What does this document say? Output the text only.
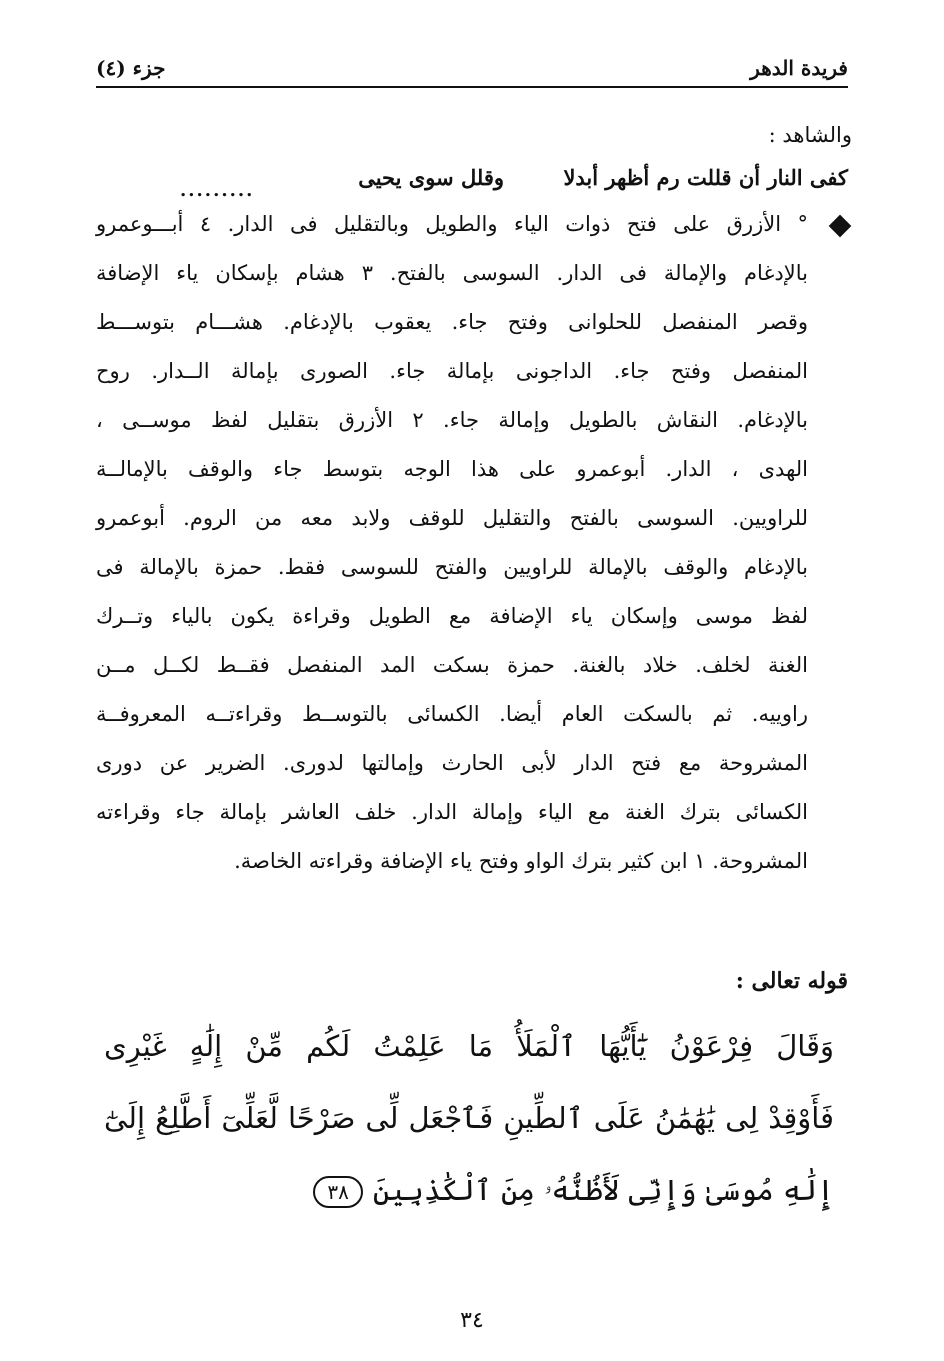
فريدة الدهر
جزء (٤)
والشاهد :
كفى النار أن قللت رم أظهر أبدلا
وقلل سوى يحيى
.........
° الأزرق على فتح ذوات الياء والطويل وبالتقليل فى الدار. ٤ أبـــوعمرو
بالإدغام والإمالة فى الدار. السوسى بالفتح. ٣ هشام بإسكان ياء الإضافة
وقصر المنفصل للحلوانى وفتح جاء. يعقوب بالإدغام. هشـــام بتوســـط
المنفصل وفتح جاء. الداجونى بإمالة جاء. الصورى بإمالة الــدار. روح
بالإدغام. النقاش بالطويل وإمالة جاء. ٢ الأزرق بتقليل لفظ موســى ،
الهدى ، الدار. أبوعمرو على هذا الوجه بتوسط جاء والوقف بالإمالــة
للراويين. السوسى بالفتح والتقليل للوقف ولابد معه من الروم. أبوعمرو
بالإدغام والوقف بالإمالة للراويين والفتح للسوسى فقط. حمزة بالإمالة فى
لفظ موسى وإسكان ياء الإضافة مع الطويل وقراءة يكون بالياء وتــرك
الغنة لخلف. خلاد بالغنة. حمزة بسكت المد المنفصل فقــط لكــل مــن
راوييه. ثم بالسكت العام أيضا. الكسائى بالتوســط وقراءتــه المعروفــة
المشروحة مع فتح الدار لأبى الحارث وإمالتها لدورى. الضرير عن دورى
الكسائى بترك الغنة مع الياء وإمالة الدار. خلف العاشر بإمالة جاء وقراءته
المشروحة. ١ ابن كثير بترك الواو وفتح ياء الإضافة وقراءته الخاصة.
قوله تعالى :
وَقَالَ فِرْعَوْنُ يَٰٓأَيُّهَا ٱلْمَلَأُ مَا عَلِمْتُ لَكُم مِّنْ إِلَٰهٍ غَيْرِى
فَأَوْقِدْ لِى يَٰهَٰمَٰنُ عَلَى ٱلطِّينِ فَٱجْعَل لِّى صَرْحًا لَّعَلِّىٓ أَطَّلِعُ إِلَىٰٓ
إِلَٰهِ مُوسَىٰ وَإِنِّى لَأَظُنُّهُۥ مِنَ ٱلْكَٰذِبِينَ٣٨
٣٤
